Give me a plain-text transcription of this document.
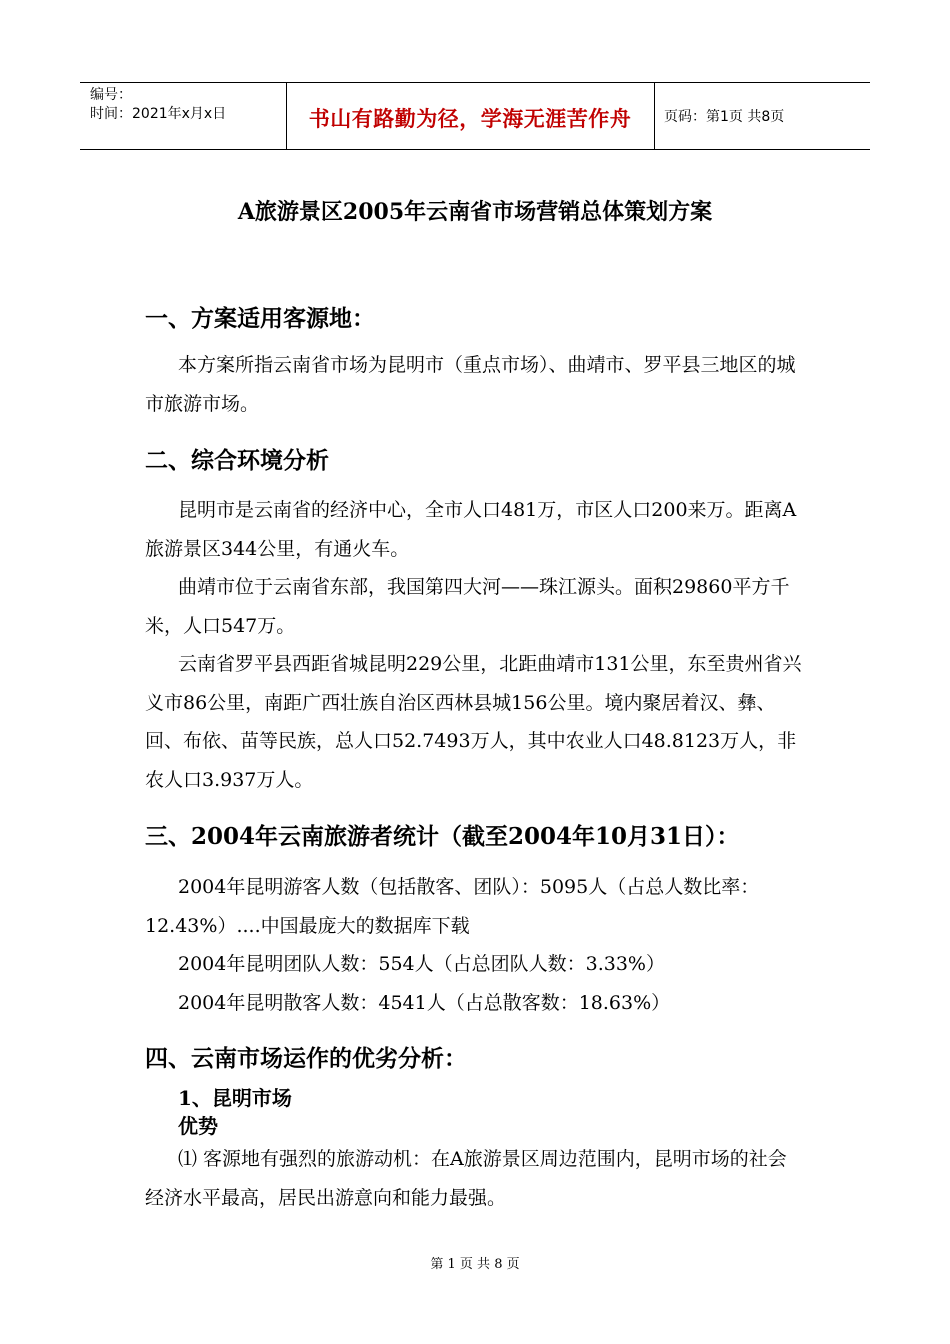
编号：
时间：2021年x月x日	书山有路勤为径，学海无涯苦作舟	页码：第1页 共8页
A旅游景区2005年云南省市场营销总体策划方案
一、方案适用客源地：

本方案所指云南省市场为昆明市（重点市场）、曲靖市、罗平县三地区的城市旅游市场。

二、综合环境分析

昆明市是云南省的经济中心，全市人口481万，市区人口200来万。距离A旅游景区344公里，有通火车。

曲靖市位于云南省东部，我国第四大河——珠江源头。面积29860平方千米，人口547万。

云南省罗平县西距省城昆明229公里，北距曲靖市131公里，东至贵州省兴义市86公里，南距广西壮族自治区西林县城156公里。境内聚居着汉、彝、回、布依、苗等民族，总人口52.7493万人，其中农业人口48.8123万人，非农人口3.937万人。

三、2004年云南旅游者统计（截至2004年10月31日）：

2004年昆明游客人数（包括散客、团队）：5095人（占总人数比率：12.43%）....中国最庞大的数据库下载

2004年昆明团队人数：554人（占总团队人数：3.33%）

2004年昆明散客人数：4541人（占总散客数：18.63%）

四、云南市场运作的优劣分析：
1、昆明市场
优势

⑴ 客源地有强烈的旅游动机：在A旅游景区周边范围内，昆明市场的社会经济水平最高，居民出游意向和能力最强。

第 1 页 共 8 页
